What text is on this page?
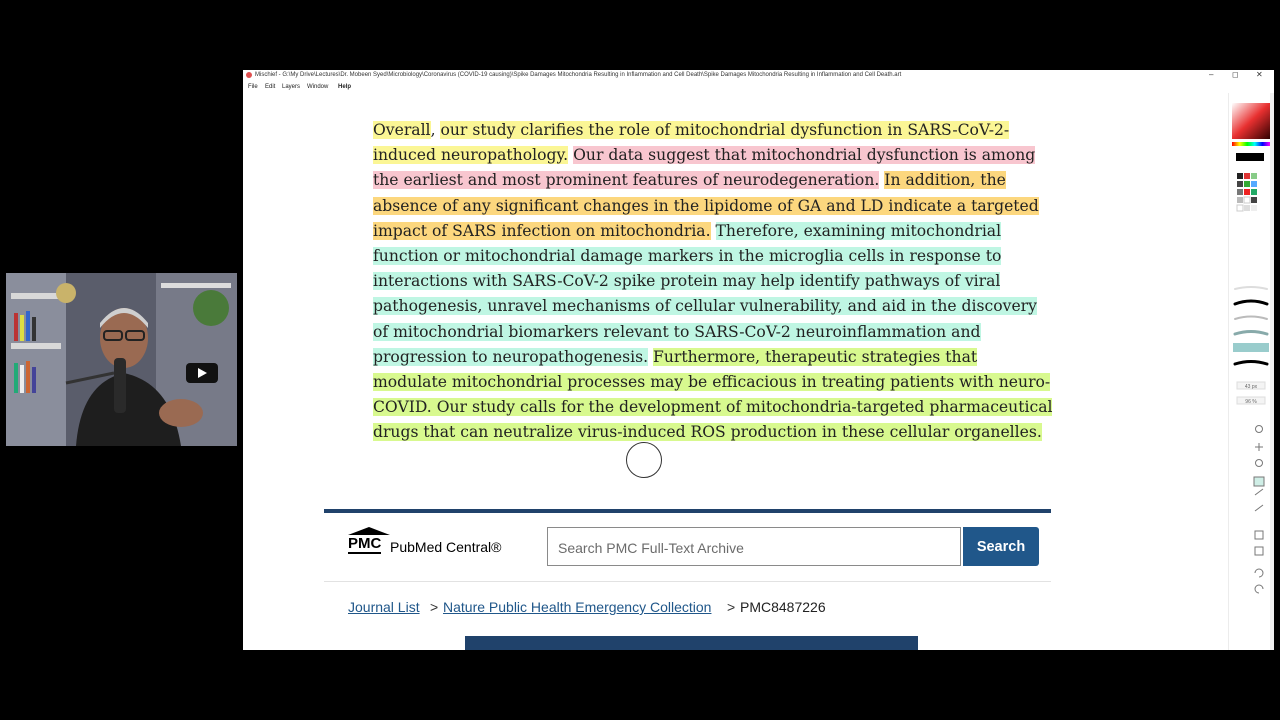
Mischief - G:\My Drive\Lectures\Dr. Mobeen Syed\Microbiology\Coronavirus (COVID-19 causing)\Spike Damages Mitochondria Resulting in Inflammation and Cell Death\Spike Damages Mitochondria Resulting in Inflammation and Cell Death.art	– ◻ ✕
File Edit Layers Window Help
Overall, our study clarifies the role of mitochondrial dysfunction in SARS-CoV-2-induced neuropathology. Our data suggest that mitochondrial dysfunction is among the earliest and most prominent features of neurodegeneration. In addition, the absence of any significant changes in the lipidome of GA and LD indicate a targeted impact of SARS infection on mitochondria. Therefore, examining mitochondrial function or mitochondrial damage markers in the microglia cells in response to interactions with SARS-CoV-2 spike protein may help identify pathways of viral pathogenesis, unravel mechanisms of cellular vulnerability, and aid in the discovery of mitochondrial biomarkers relevant to SARS-CoV-2 neuroinflammation and progression to neuropathogenesis. Furthermore, therapeutic strategies that modulate mitochondrial processes may be efficacious in treating patients with neuro-COVID. Our study calls for the development of mitochondria-targeted pharmaceutical drugs that can neutralize virus-induced ROS production in these cellular organelles.
PMC PubMed Central®	Search PMC Full-Text Archive	Search
Journal List > Nature Public Health Emergency Collection > PMC8487226
43 px
96 %
